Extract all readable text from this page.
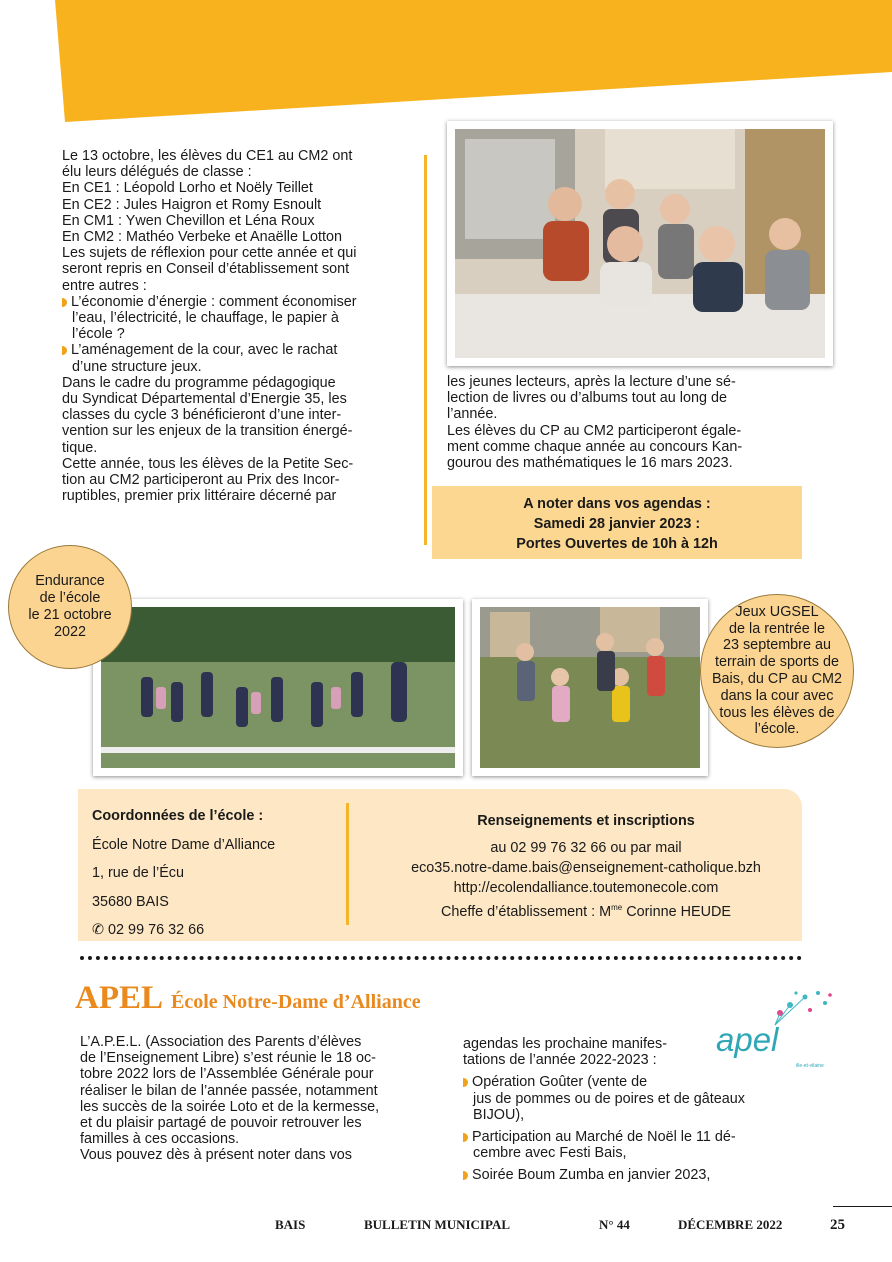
Le 13 octobre, les élèves du CE1 au CM2 ont
élu leurs délégués de classe :
En CE1 : Léopold Lorho et Noëly Teillet
En CE2 : Jules Haigron et Romy Esnoult
En CM1 : Ywen Chevillon et Léna Roux
En CM2 : Mathéo Verbeke et Anaëlle Lotton
Les sujets de réflexion pour cette année et qui
seront repris en Conseil d’établissement sont
entre autres :
L’économie d’énergie : comment économiser
l’eau, l’électricité, le chauffage, le papier à
l’école ?
L’aménagement de la cour, avec le rachat
d’une structure jeux.
Dans le cadre du programme pédagogique
du Syndicat Départemental d’Energie 35, les
classes du cycle 3 bénéficieront d’une inter-
vention sur les enjeux de la transition énergé-
tique.
Cette année, tous les élèves de la Petite Sec-
tion au CM2 participeront au Prix des Incor-
ruptibles, premier prix littéraire décerné par
les jeunes lecteurs, après la lecture d’une sé-
lection de livres ou d’albums tout au long de
l’année.
Les élèves du CP au CM2 participeront égale-
ment comme chaque année au concours Kan-
gourou des mathématiques le 16 mars 2023.
A noter dans vos agendas :
Samedi 28 janvier 2023 :
Portes Ouvertes de 10h à 12h
Endurance
de l’école
le 21 octobre
2022
Jeux UGSEL
de la rentrée le
23 septembre au
terrain de sports de
Bais, du CP au CM2
dans la cour avec
tous les élèves de
l’école.
Coordonnées de l’école :
École Notre Dame d’Alliance
1, rue de l’Écu
35680 BAIS
✆ 02 99 76 32 66
Renseignements et inscriptions
au 02 99 76 32 66 ou par mail
eco35.notre-dame.bais@enseignement-catholique.bzh
http://ecolendalliance.toutemonecole.com
Cheffe d’établissement : $M^{me}$ Corinne HEUDE
APEL École Notre-Dame d’Alliance
apel
ille-et-vilaine
L’A.P.E.L. (Association des Parents d’élèves
de l’Enseignement Libre) s’est réunie le 18 oc-
tobre 2022 lors de l’Assemblée Générale pour
réaliser le bilan de l’année passée, notamment
les succès de la soirée Loto et de la kermesse,
et du plaisir partagé de pouvoir retrouver les
familles à ces occasions.
Vous pouvez dès à présent noter dans vos
agendas les prochaine manifes-
tations de l’année 2022-2023 :
Opération Goûter (vente de
jus de pommes ou de poires et de gâteaux
BIJOU),
Participation au Marché de Noël le 11 dé-
cembre avec Festi Bais,
Soirée Boum Zumba en janvier 2023,
BAIS	BULLETIN MUNICIPAL	N° 44	DÉCEMBRE 2022	25
